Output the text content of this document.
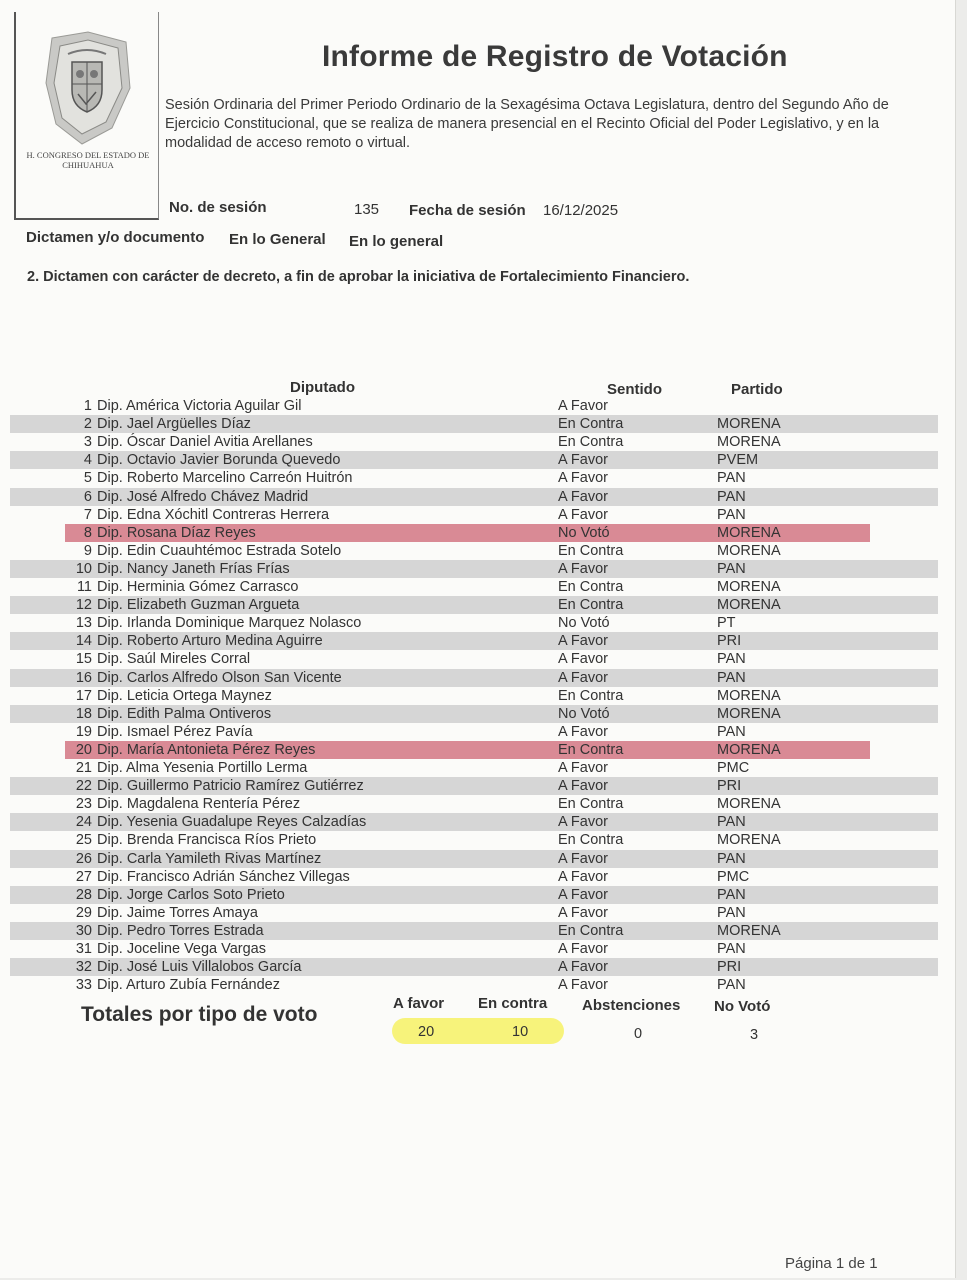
H. CONGRESO DEL ESTADO DE CHIHUAHUA
Informe de Registro de Votación
Sesión Ordinaria del Primer Periodo Ordinario de la Sexagésima Octava Legislatura, dentro del Segundo Año de Ejercicio Constitucional, que se realiza de manera presencial en el Recinto Oficial del Poder Legislativo, y en la modalidad de acceso remoto o virtual.
No. de sesión	135 Fecha de sesión 16/12/2025
Dictamen y/o documento En lo General En lo general
2. Dictamen con carácter de decreto, a fin de aprobar la iniciativa de Fortalecimiento Financiero.
Diputado	Sentido	Partido
1 Dip. América Victoria Aguilar Gil	A Favor
2 Dip. Jael Argüelles Díaz	En Contra	MORENA
3 Dip. Óscar Daniel Avitia Arellanes	En Contra	MORENA
4 Dip. Octavio Javier Borunda Quevedo	A Favor	PVEM
5 Dip. Roberto Marcelino Carreón Huitrón	A Favor	PAN
6 Dip. José Alfredo Chávez Madrid	A Favor	PAN
7 Dip. Edna Xóchitl Contreras Herrera	A Favor	PAN
8 Dip. Rosana Díaz Reyes	No Votó	MORENA
9 Dip. Edin Cuauhtémoc Estrada Sotelo	En Contra	MORENA
10 Dip. Nancy Janeth Frías Frías	A Favor	PAN
11 Dip. Herminia Gómez Carrasco	En Contra	MORENA
12 Dip. Elizabeth Guzman Argueta	En Contra	MORENA
13 Dip. Irlanda Dominique Marquez Nolasco	No Votó	PT
14 Dip. Roberto Arturo Medina Aguirre	A Favor	PRI
15 Dip. Saúl Mireles Corral	A Favor	PAN
16 Dip. Carlos Alfredo Olson San Vicente	A Favor	PAN
17 Dip. Leticia Ortega Maynez	En Contra	MORENA
18 Dip. Edith Palma Ontiveros	No Votó	MORENA
19 Dip. Ismael Pérez Pavía	A Favor	PAN
20 Dip. María Antonieta Pérez Reyes	En Contra	MORENA
21 Dip. Alma Yesenia Portillo Lerma	A Favor	PMC
22 Dip. Guillermo Patricio Ramírez Gutiérrez	A Favor	PRI
23 Dip. Magdalena Rentería Pérez	En Contra	MORENA
24 Dip. Yesenia Guadalupe Reyes Calzadías	A Favor	PAN
25 Dip. Brenda Francisca Ríos Prieto	En Contra	MORENA
26 Dip. Carla Yamileth Rivas Martínez	A Favor	PAN
27 Dip. Francisco Adrián Sánchez Villegas	A Favor	PMC
28 Dip. Jorge Carlos Soto Prieto	A Favor	PAN
29 Dip. Jaime Torres Amaya	A Favor	PAN
30 Dip. Pedro Torres Estrada	En Contra	MORENA
31 Dip. Joceline Vega Vargas	A Favor	PAN
32 Dip. José Luis Villalobos García	A Favor	PRI
33 Dip. Arturo Zubía Fernández	A Favor	PAN
Totales por tipo de voto	A favor En contra Abstenciones No Votó
20	10	0	3
Página 1 de 1
